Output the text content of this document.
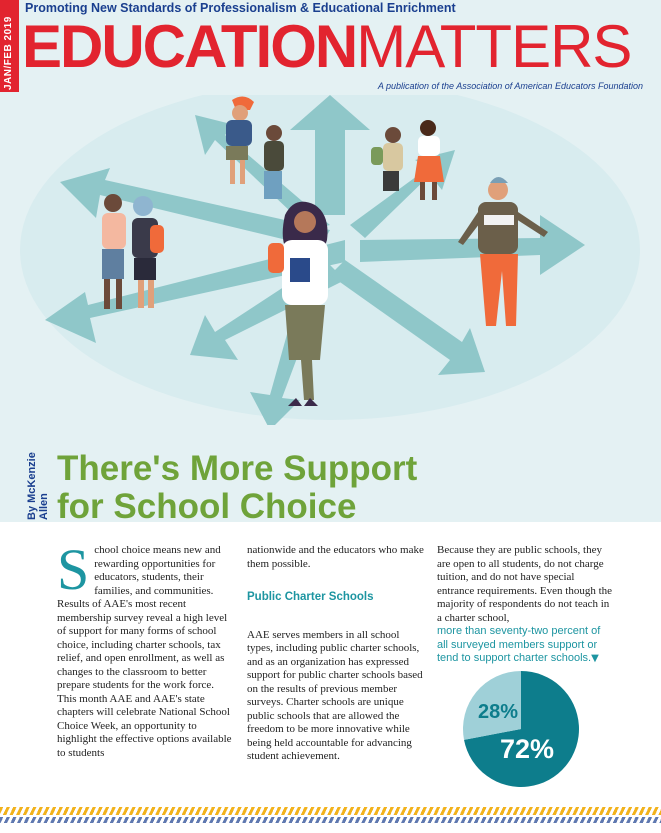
JAN/FEB 2019
Promoting New Standards of Professionalism & Educational Enrichment
EDUCATIONMATTERS
A publication of the Association of American Educators Foundation
By McKenzie Allen
There's More Support
for School Choice
S chool choice means new and rewarding opportunities for educators, students, their families, and communities. Results of AAE's most recent membership survey reveal a high level of support for many forms of school choice, including charter schools, tax relief, and open enrollment, as well as changes to the classroom to better prepare students for the work force. This month AAE and AAE's state chapters will celebrate National School Choice Week, an opportunity to highlight the effective options available to students

nationwide and the educators who make them possible.

Public Charter Schools

AAE serves members in all school types, including public charter schools, and as an organization has expressed support for public charter schools based on the results of previous member surveys. Charter schools are unique public schools that are allowed the freedom to be more innovative while being held accountable for advancing student achievement.

Because they are public schools, they are open to all students, do not charge tuition, and do not have special entrance requirements. Even though the majority of respondents do not teach in a charter school,

more than seventy-two percent of all surveyed members support or tend to support charter schools.▼

28%
72%
